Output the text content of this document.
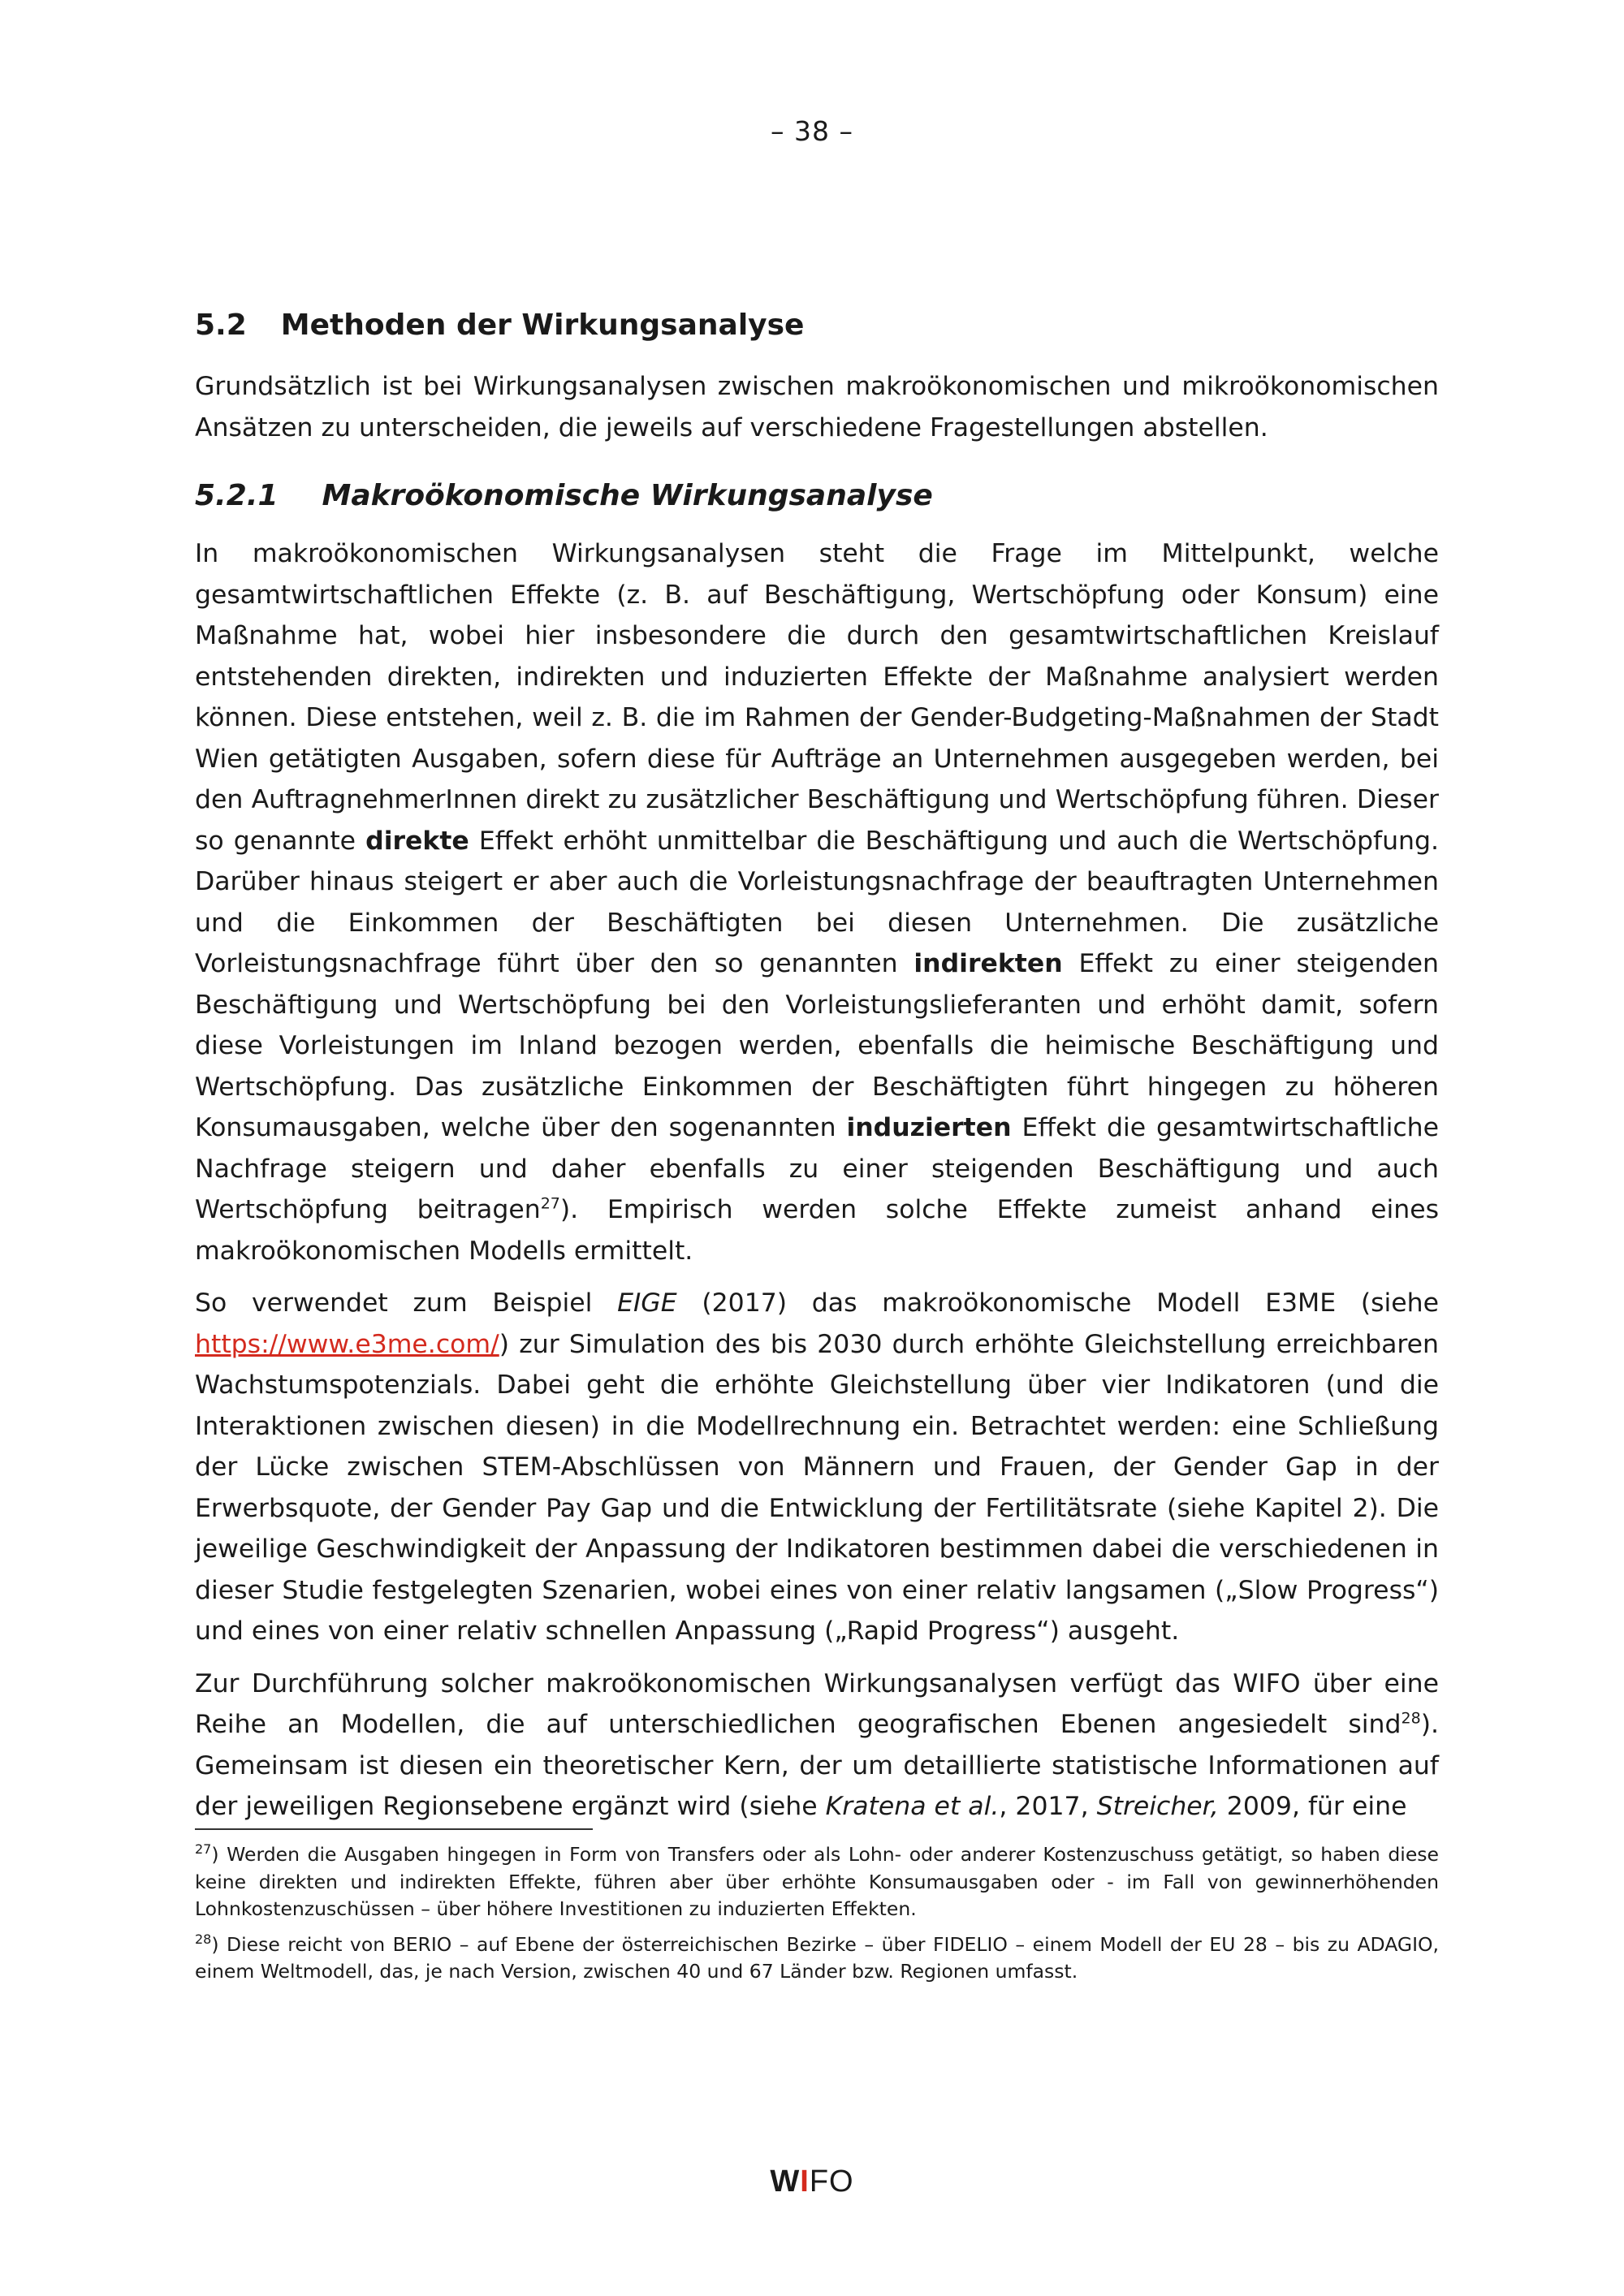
– 38 –
5.2 Methoden der Wirkungsanalyse

Grundsätzlich ist bei Wirkungsanalysen zwischen makroökonomischen und mikroökonomischen Ansätzen zu unterscheiden, die jeweils auf verschiedene Fragestellungen abstellen.

5.2.1 Makroökonomische Wirkungsanalyse

In makroökonomischen Wirkungsanalysen steht die Frage im Mittelpunkt, welche gesamtwirtschaftlichen Effekte (z. B. auf Beschäftigung, Wertschöpfung oder Konsum) eine Maßnahme hat, wobei hier insbesondere die durch den gesamtwirtschaftlichen Kreislauf entstehenden direkten, indirekten und induzierten Effekte der Maßnahme analysiert werden können. Diese entstehen, weil z. B. die im Rahmen der Gender-Budgeting-Maßnahmen der Stadt Wien getätigten Ausgaben, sofern diese für Aufträge an Unternehmen ausgegeben werden, bei den AuftragnehmerInnen direkt zu zusätzlicher Beschäftigung und Wertschöpfung führen. Dieser so genannte direkte Effekt erhöht unmittelbar die Beschäftigung und auch die Wertschöpfung. Darüber hinaus steigert er aber auch die Vorleistungsnachfrage der beauftragten Unternehmen und die Einkommen der Beschäftigten bei diesen Unternehmen. Die zusätzliche Vorleistungsnachfrage führt über den so genannten indirekten Effekt zu einer steigenden Beschäftigung und Wertschöpfung bei den Vorleistungslieferanten und erhöht damit, sofern diese Vorleistungen im Inland bezogen werden, ebenfalls die heimische Beschäftigung und Wertschöpfung. Das zusätzliche Einkommen der Beschäftigten führt hingegen zu höheren Konsumausgaben, welche über den sogenannten induzierten Effekt die gesamtwirtschaftliche Nachfrage steigern und daher ebenfalls zu einer steigenden Beschäftigung und auch Wertschöpfung beitragen$^{27}$). Empirisch werden solche Effekte zumeist anhand eines makroökonomischen Modells ermittelt.

So verwendet zum Beispiel EIGE (2017) das makroökonomische Modell E3ME (siehe https://www.e3me.com/) zur Simulation des bis 2030 durch erhöhte Gleichstellung erreichbaren Wachstumspotenzials. Dabei geht die erhöhte Gleichstellung über vier Indikatoren (und die Interaktionen zwischen diesen) in die Modellrechnung ein. Betrachtet werden: eine Schließung der Lücke zwischen STEM-Abschlüssen von Männern und Frauen, der Gender Gap in der Erwerbsquote, der Gender Pay Gap und die Entwicklung der Fertilitätsrate (siehe Kapitel 2). Die jeweilige Geschwindigkeit der Anpassung der Indikatoren bestimmen dabei die verschiedenen in dieser Studie festgelegten Szenarien, wobei eines von einer relativ langsamen („Slow Progress“) und eines von einer relativ schnellen Anpassung („Rapid Progress“) ausgeht.

Zur Durchführung solcher makroökonomischen Wirkungsanalysen verfügt das WIFO über eine Reihe an Modellen, die auf unterschiedlichen geografischen Ebenen angesiedelt sind$^{28}$). Gemeinsam ist diesen ein theoretischer Kern, der um detaillierte statistische Informationen auf der jeweiligen Regionsebene ergänzt wird (siehe Kratena et al., 2017, Streicher, 2009, für eine

$^{27}$) Werden die Ausgaben hingegen in Form von Transfers oder als Lohn- oder anderer Kostenzuschuss getätigt, so haben diese keine direkten und indirekten Effekte, führen aber über erhöhte Konsumausgaben oder - im Fall von gewinnerhöhenden Lohnkostenzuschüssen – über höhere Investitionen zu induzierten Effekten.

$^{28}$) Diese reicht von BERIO – auf Ebene der österreichischen Bezirke – über FIDELIO – einem Modell der EU 28 – bis zu ADAGIO, einem Weltmodell, das, je nach Version, zwischen 40 und 67 Länder bzw. Regionen umfasst.

WIFO
